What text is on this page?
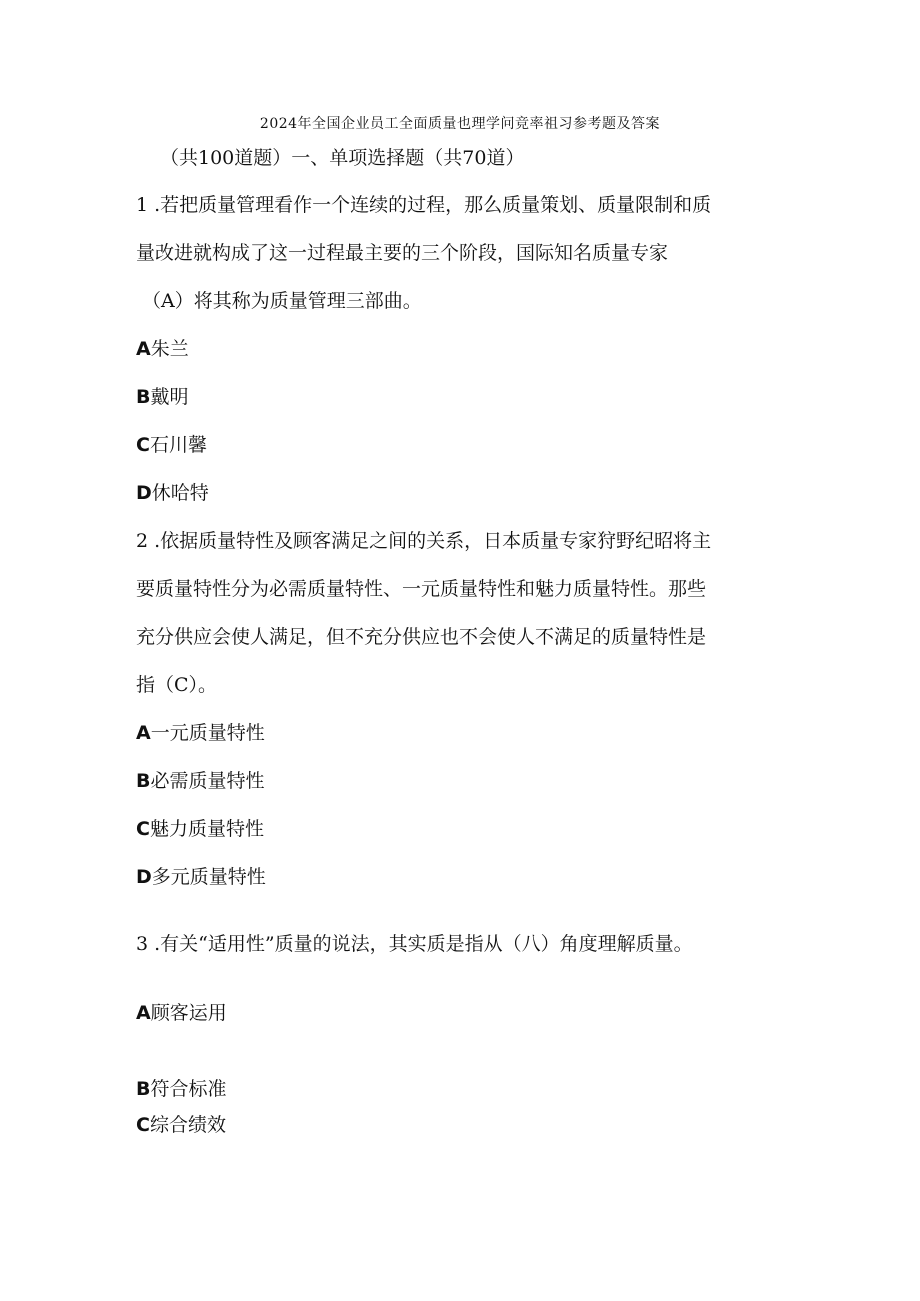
2024年全国企业员工全面质量也理学问竞率祖习参考题及答案
（共100道题）一、单项选择题（共70道）
1 .若把质量管理看作一个连续的过程，那么质量策划、质量限制和质
量改进就构成了这一过程最主要的三个阶段，国际知名质量专家
（A）将其称为质量管理三部曲。
A朱兰
B戴明
C石川馨
D休哈特
2 .依据质量特性及顾客满足之间的关系，日本质量专家狩野纪昭将主
要质量特性分为必需质量特性、一元质量特性和魅力质量特性。那些
充分供应会使人满足，但不充分供应也不会使人不满足的质量特性是
指（C）。
A一元质量特性
B必需质量特性
C魅力质量特性
D多元质量特性
3 .有关“适用性”质量的说法，其实质是指从（八）角度理解质量。
A顾客运用
B符合标准
C综合绩效
